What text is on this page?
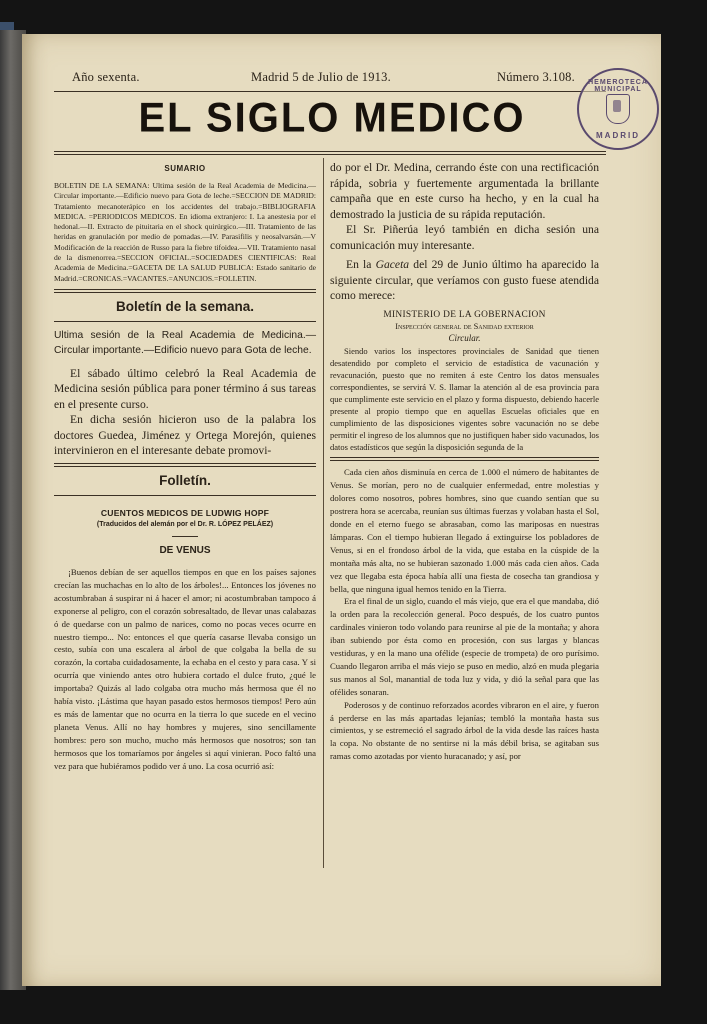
Año sexenta.	Madrid 5 de Julio de 1913.	Número 3.108.
EL SIGLO MEDICO
HEMEROTECA MUNICIPAL
MADRID
SUMARIO
BOLETIN DE LA SEMANA: Ultima sesión de la Real Academia de Medicina.—Circular importante.—Edificio nuevo para Gota de leche.=SECCION DE MADRID: Tratamiento mecanoterápico en los accidentes del trabajo.=BIBLIOGRAFIA MEDICA. =PERIODICOS MEDICOS. En idioma extranjero: I. La anestesia por el hedonal.—II. Extracto de pituitaria en el shock quirúrgico.—III. Tratamiento de las heridas en granulación por medio de pomadas.—IV. Parasifilis y neosalvarsán.—V Modificación de la reacción de Russo para la fiebre tifoidea.—VII. Tratamiento nasal de la dismenorrea.=SECCION OFICIAL.=SOCIEDADES CIENTIFICAS: Real Academia de Medicina.=GACETA DE LA SALUD PUBLICA: Estado sanitario de Madrid.=CRONICAS.=VACANTES.=ANUNCIOS.=FOLLETIN.
Boletín de la semana.
Ultima sesión de la Real Academia de Medicina.—Circular importante.—Edificio nuevo para Gota de leche.

El sábado último celebró la Real Academia de Medicina sesión pública para poner término á sus tareas en el presente curso.

En dicha sesión hicieron uso de la palabra los doctores Guedea, Jiménez y Ortega Morejón, quienes intervinieron en el interesante debate promovi-

Folletín.
CUENTOS MEDICOS DE LUDWIG HOPF
(Traducidos del alemán por el Dr. R. LÓPEZ PELÁEZ)
DE VENUS

¡Buenos debían de ser aquellos tiempos en que en los países sajones crecían las muchachas en lo alto de los árboles!... Entonces los jóvenes no acostumbraban á suspirar ni á hacer el amor; ni acostumbraban tampoco á exponerse al peligro, con el corazón sobresaltado, de llevar unas calabazas ó de quedarse con un palmo de narices, como no pocas veces ocurre en nuestro tiempo... No: entonces el que quería casarse llevaba consigo un cesto, subía con una escalera al árbol de que colgaba la bella de su corazón, la cortaba cuidadosamente, la echaba en el cesto y para casa. Y si ocurría que viniendo antes otro hubiera cortado el dulce fruto, ¿qué le importaba? Quizás al lado colgaba otra mucho más hermosa que él no había visto. ¡Lástima que hayan pasado estos hermosos tiempos! Pero aún es más de lamentar que no ocurra en la tierra lo que sucede en el vecino planeta Venus. Allí no hay hombres y mujeres, sino sencillamente hombres: pero son mucho, mucho más hermosos que nosotros; son tan hermosos que los tomaríamos por ángeles si aquí vinieran. Poco faltó una vez para que hubiéramos podido ver á uno. La cosa ocurrió así:

do por el Dr. Medina, cerrando éste con una rectificación rápida, sobria y fuertemente argumentada la brillante campaña que en este curso ha hecho, y en la cual ha demostrado la justicia de su rápida reputación.

El Sr. Piñerúa leyó también en dicha sesión una comunicación muy interesante.

En la Gaceta del 29 de Junio último ha aparecido la siguiente circular, que veríamos con gusto fuese atendida como merece:

MINISTERIO DE LA GOBERNACION
Inspección general de Sanidad exterior
Circular.

Siendo varios los inspectores provinciales de Sanidad que tienen desatendido por completo el servicio de estadística de vacunación y revacunación, puesto que no remiten á este Centro los datos mensuales correspondientes, se servirá V. S. llamar la atención al de esa provincia para que cumplimente este servicio en el plazo y forma dispuesto, debiendo hacerle presente al propio tiempo que en aquellas Escuelas oficiales que en cumplimiento de las disposiciones vigentes sobre vacunación no se debe permitir el ingreso de los alumnos que no justifiquen haber sido vacunados, los datos estadísticos que según la disposición segunda de la

Cada cien años disminuía en cerca de 1.000 el número de habitantes de Venus. Se morían, pero no de cualquier enfermedad, entre molestias y dolores como nosotros, pobres hombres, sino que cuando sentían que su postrera hora se acercaba, reunían sus últimas fuerzas y volaban hasta el Sol, donde en el eterno fuego se abrasaban, como las mariposas en nuestras lámparas. Con el tiempo hubieran llegado á extinguirse los pobladores de Venus, si en el frondoso árbol de la vida, que estaba en la cúspide de la montaña más alta, no se hubieran sazonado 1.000 más cada cien años. Cada vez que llegaba esta época había allí una fiesta de cosecha tan grandiosa y bella, que ninguna igual hemos tenido en la Tierra.

Era el final de un siglo, cuando el más viejo, que era el que mandaba, dió la orden para la recolección general. Poco después, de los cuatro puntos cardinales vinieron todo volando para reunirse al pie de la montaña; y ahora iban subiendo por ésta como en procesión, con sus largas y blancas vestiduras, y en la mano una ofélide (especie de trompeta) de oro purísimo. Cuando llegaron arriba el más viejo se puso en medio, alzó en muda plegaria sus manos al Sol, manantial de toda luz y vida, y dió la señal para que las ofélides sonaran.

Poderosos y de continuo reforzados acordes vibraron en el aire, y fueron á perderse en las más apartadas lejanías; tembló la montaña hasta sus cimientos, y se estremeció el sagrado árbol de la vida desde las raíces hasta la copa. No obstante de no sentirse ni la más débil brisa, se agitaban sus ramas como azotadas por viento huracanado; y así, por
